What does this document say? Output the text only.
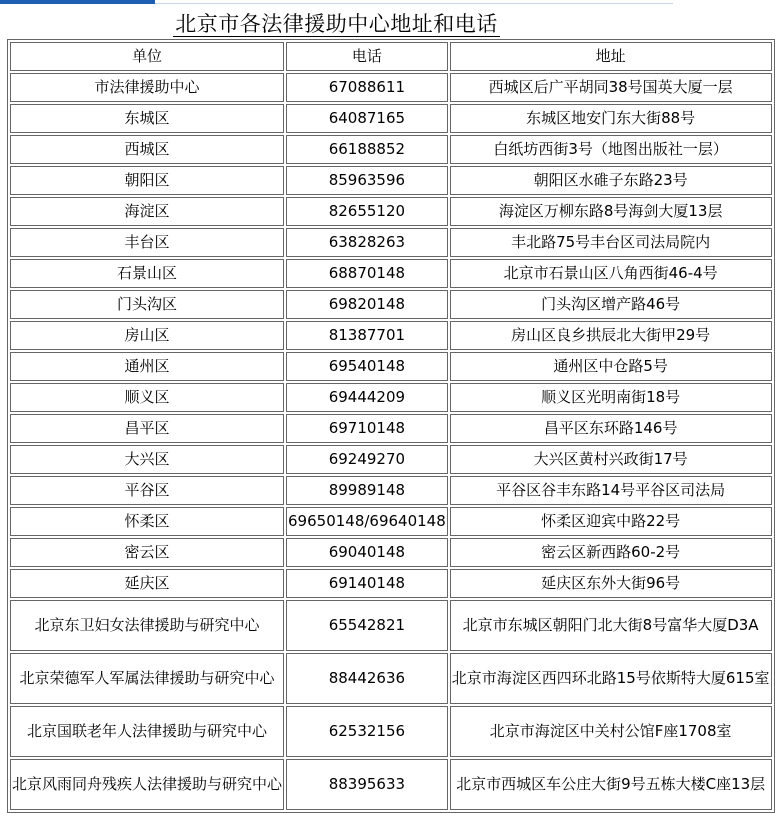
北京市各法律援助中心地址和电话
单位	电话	地址
市法律援助中心	67088611	西城区后广平胡同38号国英大厦一层
东城区	64087165	东城区地安门东大街88号
西城区	66188852	白纸坊西街3号（地图出版社一层）
朝阳区	85963596	朝阳区水碓子东路23号
海淀区	82655120	海淀区万柳东路8号海剑大厦13层
丰台区	63828263	丰北路75号丰台区司法局院内
石景山区	68870148	北京市石景山区八角西街46-4号
门头沟区	69820148	门头沟区增产路46号
房山区	81387701	房山区良乡拱辰北大街甲29号
通州区	69540148	通州区中仓路5号
顺义区	69444209	顺义区光明南街18号
昌平区	69710148	昌平区东环路146号
大兴区	69249270	大兴区黄村兴政街17号
平谷区	89989148	平谷区谷丰东路14号平谷区司法局
怀柔区	69650148/69640148	怀柔区迎宾中路22号
密云区	69040148	密云区新西路60-2号
延庆区	69140148	延庆区东外大街96号
北京东卫妇女法律援助与研究中心	65542821	北京市东城区朝阳门北大街8号富华大厦D3A
北京荣德军人军属法律援助与研究中心	88442636	北京市海淀区西四环北路15号依斯特大厦615室
北京国联老年人法律援助与研究中心	62532156	北京市海淀区中关村公馆F座1708室
北京风雨同舟残疾人法律援助与研究中心	88395633	北京市西城区车公庄大街9号五栋大楼C座13层
